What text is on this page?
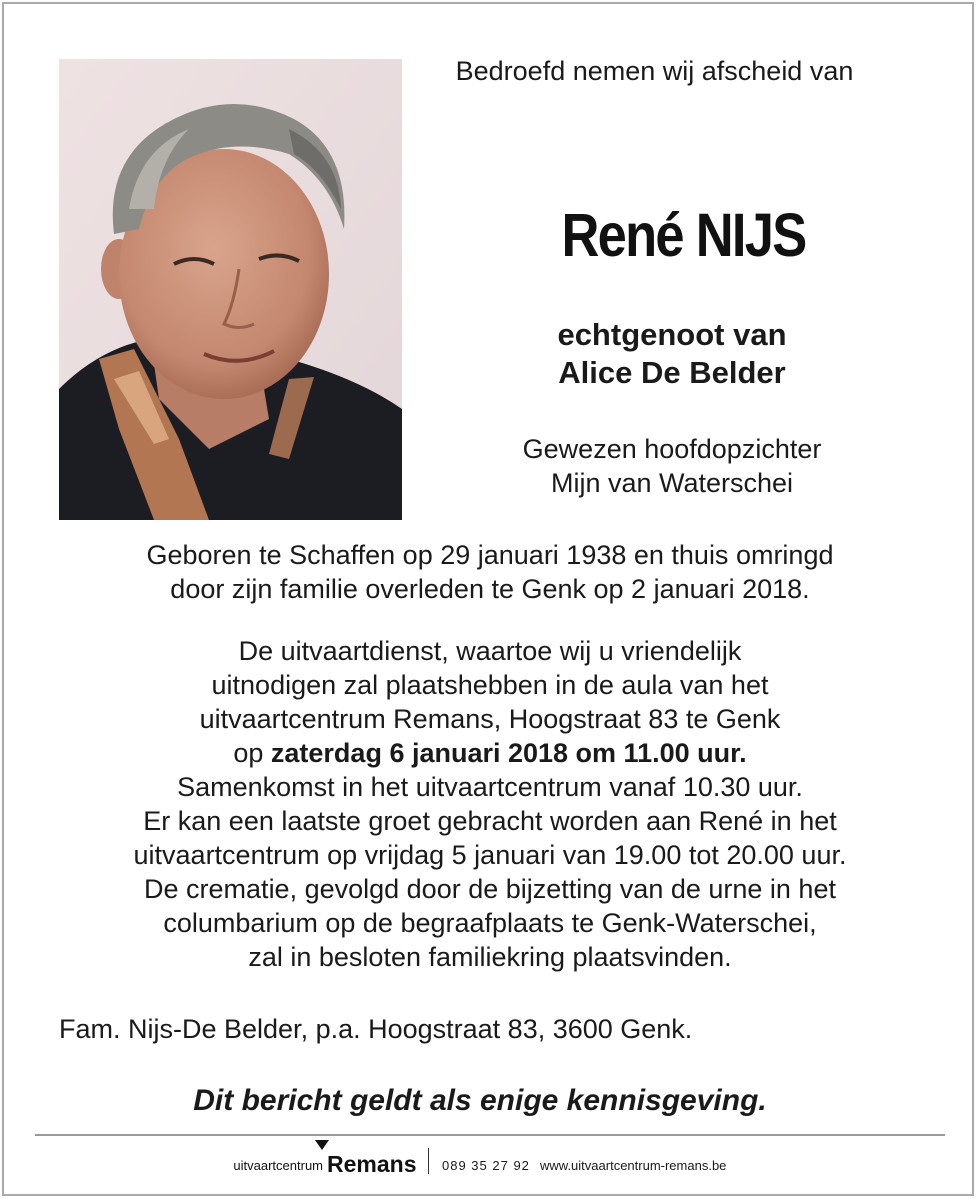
Bedroefd nemen wij afscheid van
René NIJS
echtgenoot van
Alice De Belder
Gewezen hoofdopzichter
Mijn van Waterschei
Geboren te Schaffen op 29 januari 1938 en thuis omringd
door zijn familie overleden te Genk op 2 januari 2018.
De uitvaartdienst, waartoe wij u vriendelijk
uitnodigen zal plaatshebben in de aula van het
uitvaartcentrum Remans, Hoogstraat 83 te Genk
op zaterdag 6 januari 2018 om 11.00 uur.
Samenkomst in het uitvaartcentrum vanaf 10.30 uur.
Er kan een laatste groet gebracht worden aan René in het
uitvaartcentrum op vrijdag 5 januari van 19.00 tot 20.00 uur.
De crematie, gevolgd door de bijzetting van de urne in het
columbarium op de begraafplaats te Genk-Waterschei,
zal in besloten familiekring plaatsvinden.
Fam. Nijs-De Belder, p.a. Hoogstraat 83, 3600 Genk.
Dit bericht geldt als enige kennisgeving.
uitvaartcentrum Remans 089 35 27 92 www.uitvaartcentrum-remans.be
